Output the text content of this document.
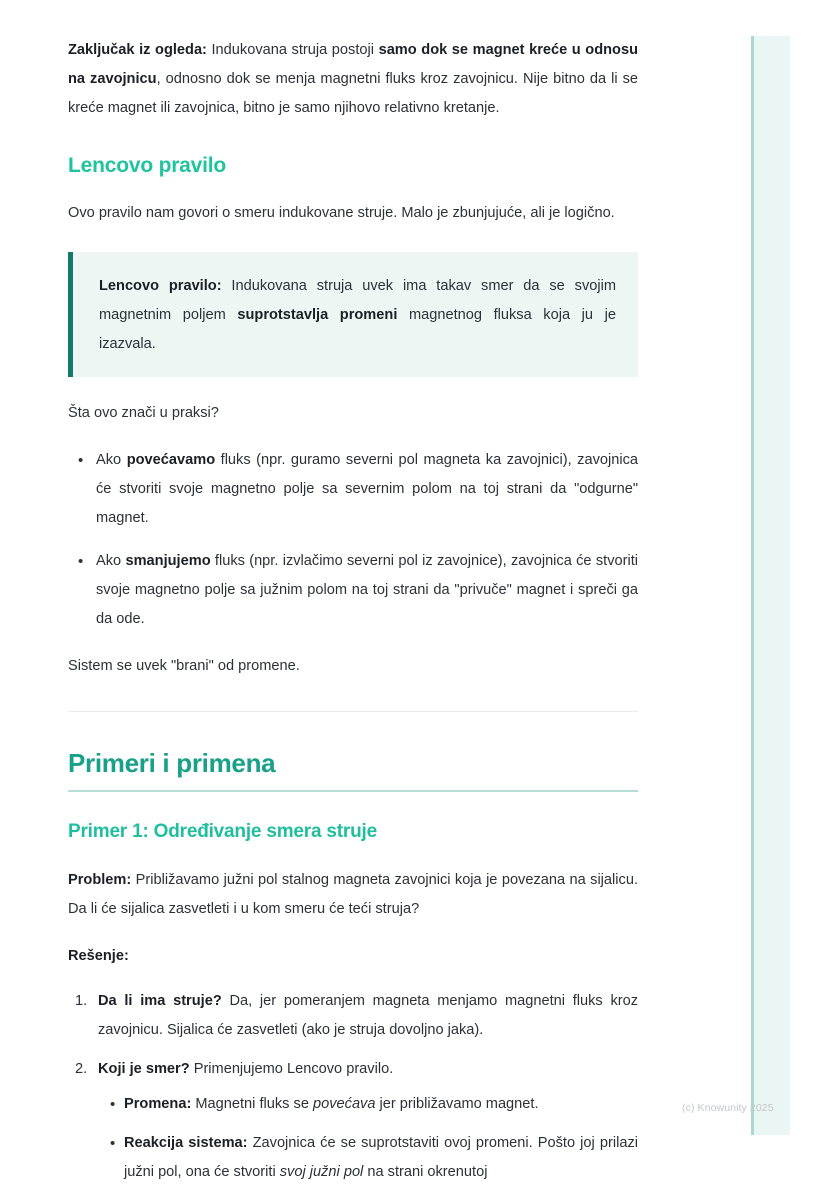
Zaključak iz ogleda: Indukovana struja postoji samo dok se magnet kreće u odnosu na zavojnicu, odnosno dok se menja magnetni fluks kroz zavojnicu. Nije bitno da li se kreće magnet ili zavojnica, bitno je samo njihovo relativno kretanje.

Lencovo pravilo

Ovo pravilo nam govori o smeru indukovane struje. Malo je zbunjujuće, ali je logično.

Lencovo pravilo: Indukovana struja uvek ima takav smer da se svojim magnetnim poljem suprotstavlja promeni magnetnog fluksa koja ju je izazvala.

Šta ovo znači u praksi?

• Ako povećavamo fluks (npr. guramo severni pol magneta ka zavojnici), zavojnica će stvoriti svoje magnetno polje sa severnim polom na toj strani da "odgurne" magnet.
• Ako smanjujemo fluks (npr. izvlačimo severni pol iz zavojnice), zavojnica će stvoriti svoje magnetno polje sa južnim polom na toj strani da "privuče" magnet i spreči ga da ode.

Sistem se uvek "brani" od promene.

Primeri i primena
Primer 1: Određivanje smera struje

Problem: Približavamo južni pol stalnog magneta zavojnici koja je povezana na sijalicu. Da li će sijalica zasvetleti i u kom smeru će teći struja?

Rešenje:

Da li ima struje? Da, jer pomeranjem magneta menjamo magnetni fluks kroz zavojnicu. Sijalica će zasvetleti (ako je struja dovoljno jaka).
Koji je smer? Primenjujemo Lencovo pravilo.
• Promena: Magnetni fluks se povećava jer približavamo magnet.
• Reakcija sistema: Zavojnica će se suprotstaviti ovoj promeni. Pošto joj prilazi južni pol, ona će stvoriti svoj južni pol na strani okrenutoj
(c) Knowunity 2025
